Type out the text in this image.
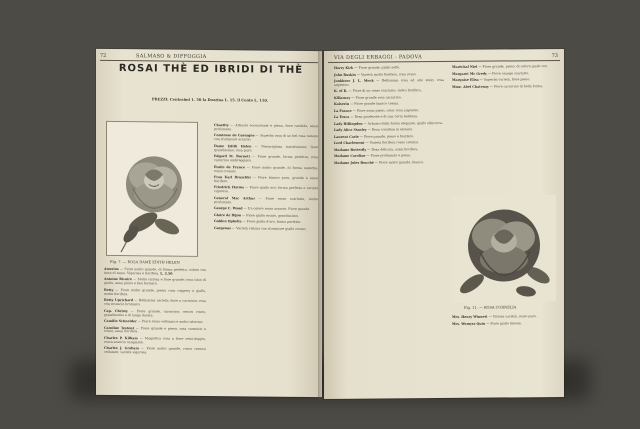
72	SALMASO & DIFFOGGIA
ROSAI THÈ ED IBRIDI DI THÈ
PREZZI: Centesimi 1. 50 la Dozzina L. 15. il Cento L. 110.
Fig. 7. — ROSA DAME EDITH HELEN
Amerios — Fiore molto grande, di forma perfetta, colore con tinte di rame. Vigorosa e fiorifera. L. 2.50
Antoine Rivoire — Molto vistosa e fiore grande; rosa tinto di giallo, assai pieno e ben formato.
Betty — Fiore molto grande, pieno; rosa coppery e giallo, molto fiorifera.
Betty Uprichard — Bellissima varietà; fiore a carminio; rosa con rovescio bronzato.
Cap. Christy — Fiore grande, carnicino; centro roseo, grandissimo e di lunga durata.
Camille Schneider — Fiore rosso vellutato e molto odoroso.
Caroline Testout — Fiore grande e pieno, rosa carminio e roseo; assai fiorifera.
Charles P. Kilham — Magnifica rosa a fiore semi-doppio, rosso arancio cangiante.
Charles J. Graham — Fiore molto grande, rosso cremisi vellutato; varietà vigorosa.
Chastity — Arbusto eccezionale e pieno, fiore candido, assai profumato.
Comtesse de Cassagne — Superba rosa di un bel rosa ramato con sfumature arancio.
Dame Edith Helen — Meravigliosa introduzione; fiore grandissimo, rosa puro.
Edgard M. Burnett — Fiore grande, forma perfetta; rosa carnicino ombreggiato.
Étoile de France — Fiore molto grande, di forma superba; rosso cremisi.
Frau Karl Druschki — Fiore bianco puro, grande e assai fiorifero.
Friedrich Harms — Fiore giallo oro; forma perfetta e varietà vigorosa.
General Mac Arthur — Fiore rosso scarlatto, molto profumato.
George C. Waud — Un colore rosso arancio. Fiore grande.
Gloire de Dijon — Fiore giallo rosato, grandissimo.
Golden Ophelia — Fiore giallo d'oro, forma perfetta.
Gorgeous — Varietà vistosa con sfumature giallo cromo.
VIA DEGLI ERBAGGI - PADOVA	73
Harry Kirk — Fiore grande, giallo solfo.
John Ruskin — Varietà molto fiorifera, rosa rosso.
Jonkheer J. L. Mock — Bellissima rosa ad alto stelo; rosa argenteo.
K. of K. — Fiore di un rosso scarlatto; molto fiorifera.
Killarney — Fiore grande rosa carnicino.
Kaiserin — Fiore grande bianco crema.
La France — Fiore assai pieno, color rosa argenteo.
La Tosca — Rosa gradevole e di una certa bellezza.
Lady Hillingdon — Arbusto dalla forma elegante, giallo albicocca.
Lady Alice Stanley — Rosa coralline in esterno.
Laurent Carle — Fiore grande, pieno e fiorifero.
Lord Charlemont — Varietà fiorifera rosso cremisi.
Madame Butterfly — Rosa delicata, assai fiorifera.
Madame Caroline — Fiore profumato e pieno.
Madame Jules Bouché — Fiore molto grande, bianco.
Maréchal Niel — Fiore grande, pieno, di colore giallo oro.
Margaret Mc Gredy — Fiore orange scarlatto.
Marquise Elisa — Superba varietà, fiore pieno.
Mme. Abel Chatenay — Fiore carnicino di bella forma.
Fig. 11. — ROSA CORNELIA
Mrs. Henry Winnett — Vistosa varietà, rosso puro.
Mrs. Wemyss Quin — Fiore giallo limone.
